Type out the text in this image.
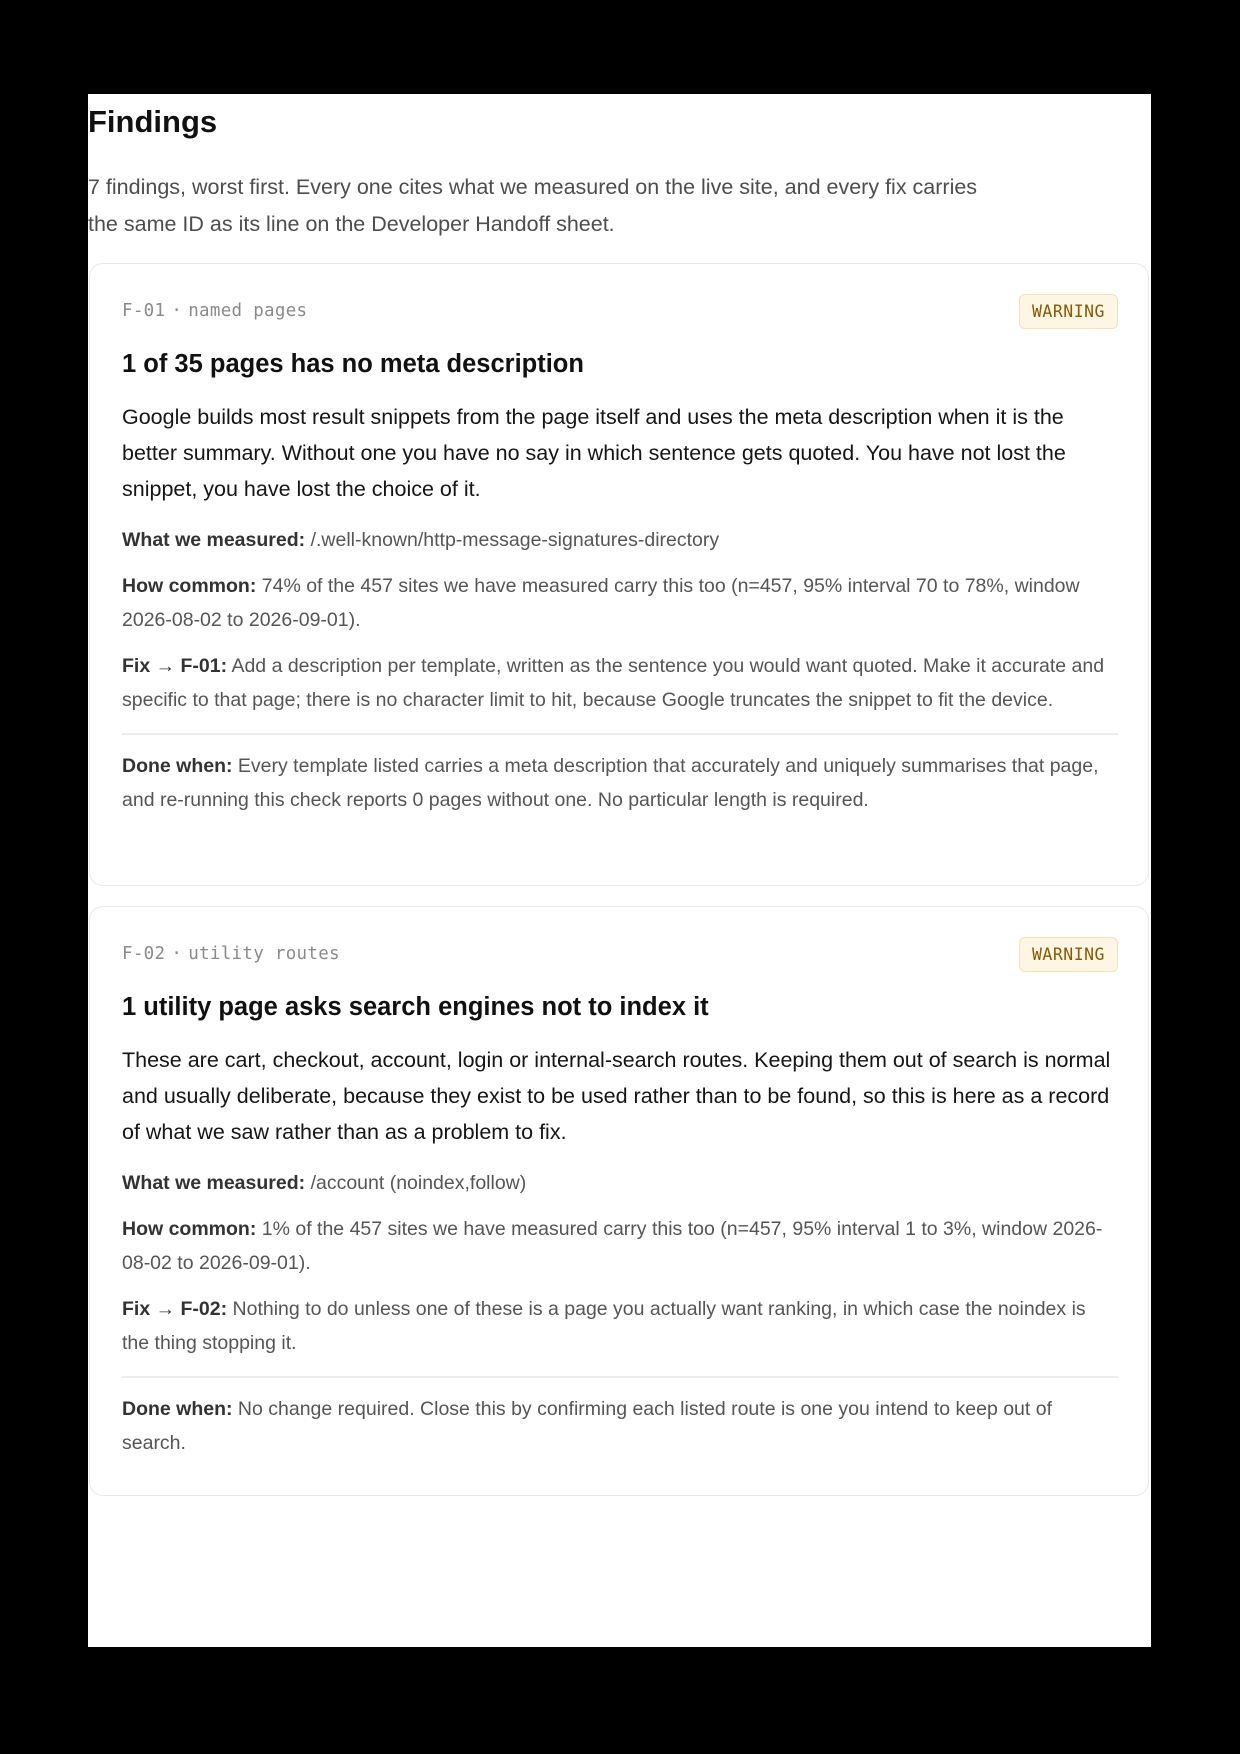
Findings

7 findings, worst first. Every one cites what we measured on the live site, and every fix carries the same ID as its line on the Developer Handoff sheet.

F-01 · named pages	WARNING
1 of 35 pages has no meta description

Google builds most result snippets from the page itself and uses the meta description when it is the better summary. Without one you have no say in which sentence gets quoted. You have not lost the snippet, you have lost the choice of it.

What we measured: /.well-known/http-message-signatures-directory

How common: 74% of the 457 sites we have measured carry this too (n=457, 95% interval 70 to 78%, window 2026-08-02 to 2026-09-01).

Fix → F-01: Add a description per template, written as the sentence you would want quoted. Make it accurate and specific to that page; there is no character limit to hit, because Google truncates the snippet to fit the device.

Done when: Every template listed carries a meta description that accurately and uniquely summarises that page, and re-running this check reports 0 pages without one. No particular length is required.

F-02 · utility routes	WARNING
1 utility page asks search engines not to index it

These are cart, checkout, account, login or internal-search routes. Keeping them out of search is normal and usually deliberate, because they exist to be used rather than to be found, so this is here as a record of what we saw rather than as a problem to fix.

What we measured: /account (noindex,follow)

How common: 1% of the 457 sites we have measured carry this too (n=457, 95% interval 1 to 3%, window 2026-08-02 to 2026-09-01).

Fix → F-02: Nothing to do unless one of these is a page you actually want ranking, in which case the noindex is the thing stopping it.

Done when: No change required. Close this by confirming each listed route is one you intend to keep out of search.
